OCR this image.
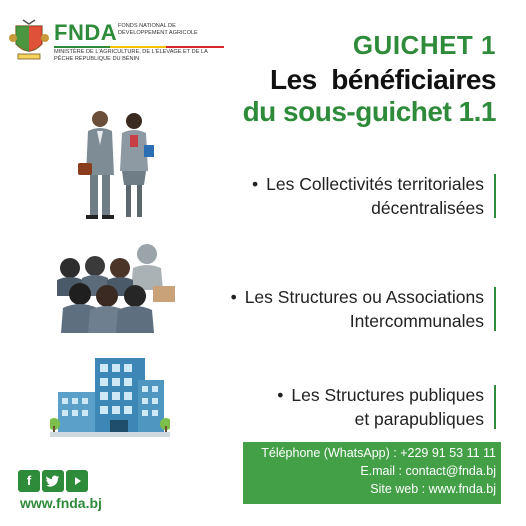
FNDA FONDS NATIONAL DE DÉVELOPPEMENT AGRICOLE
MINISTÈRE DE L'AGRICULTURE, DE L'ÉLEVAGE ET DE LA PÊCHE RÉPUBLIQUE DU BÉNIN	GUICHET 1
Les  bénéficiaires
du sous-guichet 1.1
• Les Collectivités territoriales
décentralisées
• Les Structures ou Associations
Intercommunales
• Les Structures publiques
et parapubliques
Téléphone (WhatsApp) : +229 91 53 11 11
E.mail : contact@fnda.bj
Site web : www.fnda.bj
f
www.fnda.bj
